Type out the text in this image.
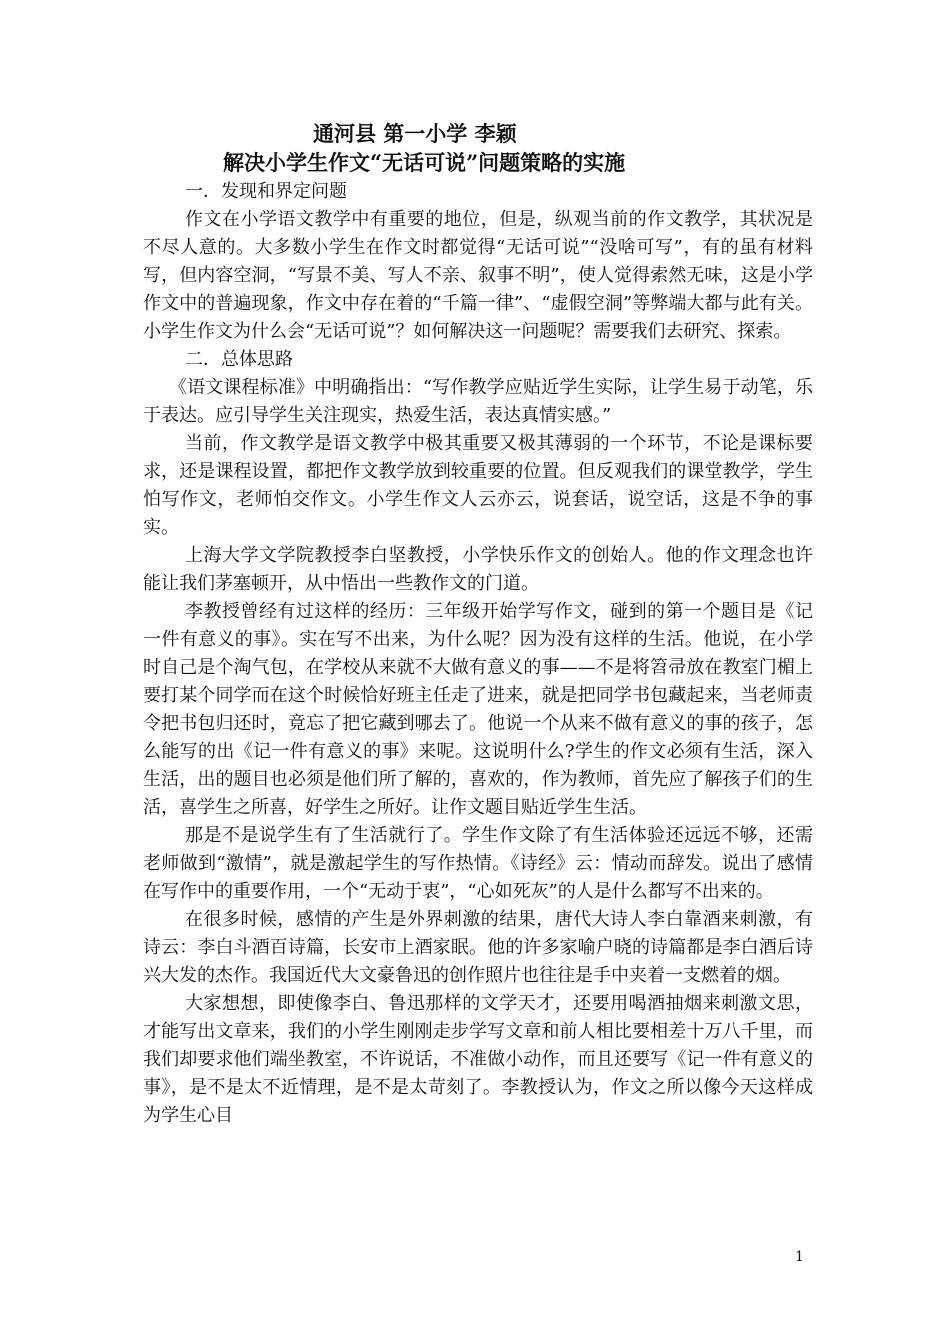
通河县 第一小学 李颖
解决小学生作文“无话可说”问题策略的实施
一．发现和界定问题

作文在小学语文教学中有重要的地位，但是，纵观当前的作文教学，其状况是不尽人意的。大多数小学生在作文时都觉得“无话可说”“没啥可写”，有的虽有材料写，但内容空洞，“写景不美、写人不亲、叙事不明”，使人觉得索然无味，这是小学作文中的普遍现象，作文中存在着的“千篇一律”、“虚假空洞”等弊端大都与此有关。小学生作文为什么会“无话可说”？如何解决这一问题呢？需要我们去研究、探索。

二．总体思路

《语文课程标准》中明确指出：“写作教学应贴近学生实际，让学生易于动笔，乐于表达。应引导学生关注现实，热爱生活，表达真情实感。”

当前，作文教学是语文教学中极其重要又极其薄弱的一个环节，不论是课标要求，还是课程设置，都把作文教学放到较重要的位置。但反观我们的课堂教学，学生怕写作文，老师怕交作文。小学生作文人云亦云，说套话，说空话，这是不争的事实。

上海大学文学院教授李白坚教授，小学快乐作文的创始人。他的作文理念也许能让我们茅塞顿开，从中悟出一些教作文的门道。

李教授曾经有过这样的经历：三年级开始学写作文，碰到的第一个题目是《记一件有意义的事》。实在写不出来，为什么呢？因为没有这样的生活。他说，在小学时自己是个淘气包，在学校从来就不大做有意义的事——不是将笤帚放在教室门楣上要打某个同学而在这个时候恰好班主任走了进来，就是把同学书包藏起来，当老师责令把书包归还时，竟忘了把它藏到哪去了。他说一个从来不做有意义的事的孩子，怎么能写的出《记一件有意义的事》来呢。这说明什么?学生的作文必须有生活，深入生活，出的题目也必须是他们所了解的，喜欢的，作为教师，首先应了解孩子们的生活，喜学生之所喜，好学生之所好。让作文题目贴近学生生活。

那是不是说学生有了生活就行了。学生作文除了有生活体验还远远不够，还需老师做到“激情”，就是激起学生的写作热情。《诗经》云：情动而辞发。说出了感情在写作中的重要作用，一个“无动于衷”，“心如死灰”的人是什么都写不出来的。

在很多时候，感情的产生是外界刺激的结果，唐代大诗人李白靠酒来刺激，有诗云：李白斗酒百诗篇，长安市上酒家眠。他的许多家喻户晓的诗篇都是李白酒后诗兴大发的杰作。我国近代大文豪鲁迅的创作照片也往往是手中夹着一支燃着的烟。

大家想想，即使像李白、鲁迅那样的文学天才，还要用喝酒抽烟来刺激文思，才能写出文章来，我们的小学生刚刚走步学写文章和前人相比要相差十万八千里，而我们却要求他们端坐教室，不许说话，不准做小动作，而且还要写《记一件有意义的事》，是不是太不近情理，是不是太苛刻了。李教授认为，作文之所以像今天这样成为学生心目

1
